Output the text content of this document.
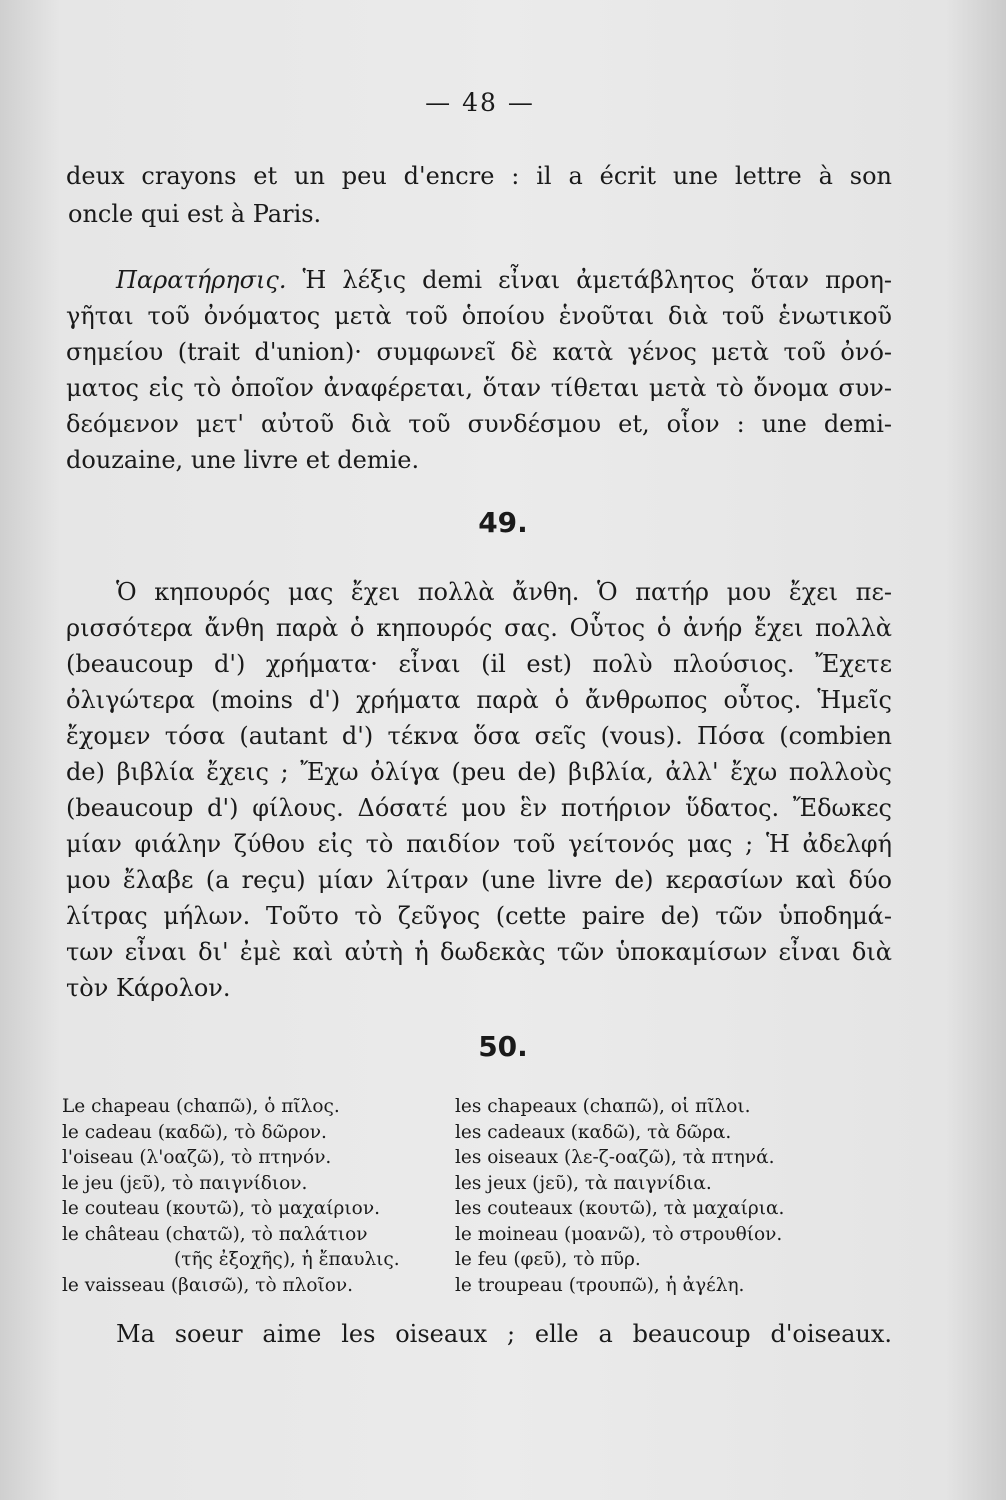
— 48 —
deux crayons et un peu d'encre : il a écrit une lettre à son
oncle qui est à Paris.
Παρατήρησις. Ἡ λέξις demi εἶναι ἀμετάβλητος ὅταν προη-
γῆται τοῦ ὀνόματος μετὰ τοῦ ὁποίου ἑνοῦται διὰ τοῦ ἑνωτικοῦ
σημείου (trait d'union)· συμφωνεῖ δὲ κατὰ γένος μετὰ τοῦ ὀνό-
ματος εἰς τὸ ὁποῖον ἀναφέρεται, ὅταν τίθεται μετὰ τὸ ὄνομα συν-
δεόμενον μετ' αὐτοῦ διὰ τοῦ συνδέσμου et, οἷον : une demi-
douzaine, une livre et demie.
49.
Ὁ κηπουρός μας ἔχει πολλὰ ἄνθη. Ὁ πατήρ μου ἔχει πε-
ρισσότερα ἄνθη παρὰ ὁ κηπουρός σας. Οὗτος ὁ ἀνήρ ἔχει πολλὰ
(beaucoup d') χρήματα· εἶναι (il est) πολὺ πλούσιος. Ἔχετε
ὀλιγώτερα (moins d') χρήματα παρὰ ὁ ἄνθρωπος οὗτος. Ἡμεῖς
ἔχομεν τόσα (autant d') τέκνα ὅσα σεῖς (vous). Πόσα (combien
de) βιβλία ἔχεις ; Ἔχω ὀλίγα (peu de) βιβλία, ἀλλ' ἔχω πολλοὺς
(beaucoup d') φίλους. Δόσατέ μου ἓν ποτήριον ὕδατος. Ἔδωκες
μίαν φιάλην ζύθου εἰς τὸ παιδίον τοῦ γείτονός μας ; Ἡ ἀδελφή
μου ἔλαβε (a reçu) μίαν λίτραν (une livre de) κερασίων καὶ δύο
λίτρας μήλων. Τοῦτο τὸ ζεῦγος (cette paire de) τῶν ὑποδημά-
των εἶναι δι' ἐμὲ καὶ αὐτὴ ἡ δωδεκὰς τῶν ὑποκαμίσων εἶναι διὰ
τὸν Κάρολον.
50.
Le chapeau (chαπῶ), ὁ πῖλος.
le cadeau (καδῶ), τὸ δῶρον.
l'oiseau (λ'οαζῶ), τὸ πτηνόν.
le jeu (jεῦ), τὸ παιγνίδιον.
le couteau (κουτῶ), τὸ μαχαίριον.
le château (chατῶ), τὸ παλάτιον
(τῆς ἐξοχῆς), ἡ ἔπαυλις.
le vaisseau (βαισῶ), τὸ πλοῖον.
les chapeaux (chαπῶ), οἱ πῖλοι.
les cadeaux (καδῶ), τὰ δῶρα.
les oiseaux (λε-ζ-οαζῶ), τὰ πτηνά.
les jeux (jεῦ), τὰ παιγνίδια.
les couteaux (κουτῶ), τὰ μαχαίρια.
le moineau (μοανῶ), τὸ στρουθίον.
le feu (φεῦ), τὸ πῦρ.
le troupeau (τρουπῶ), ἡ ἀγέλη.
Ma soeur aime les oiseaux ; elle a beaucoup d'oiseaux.
